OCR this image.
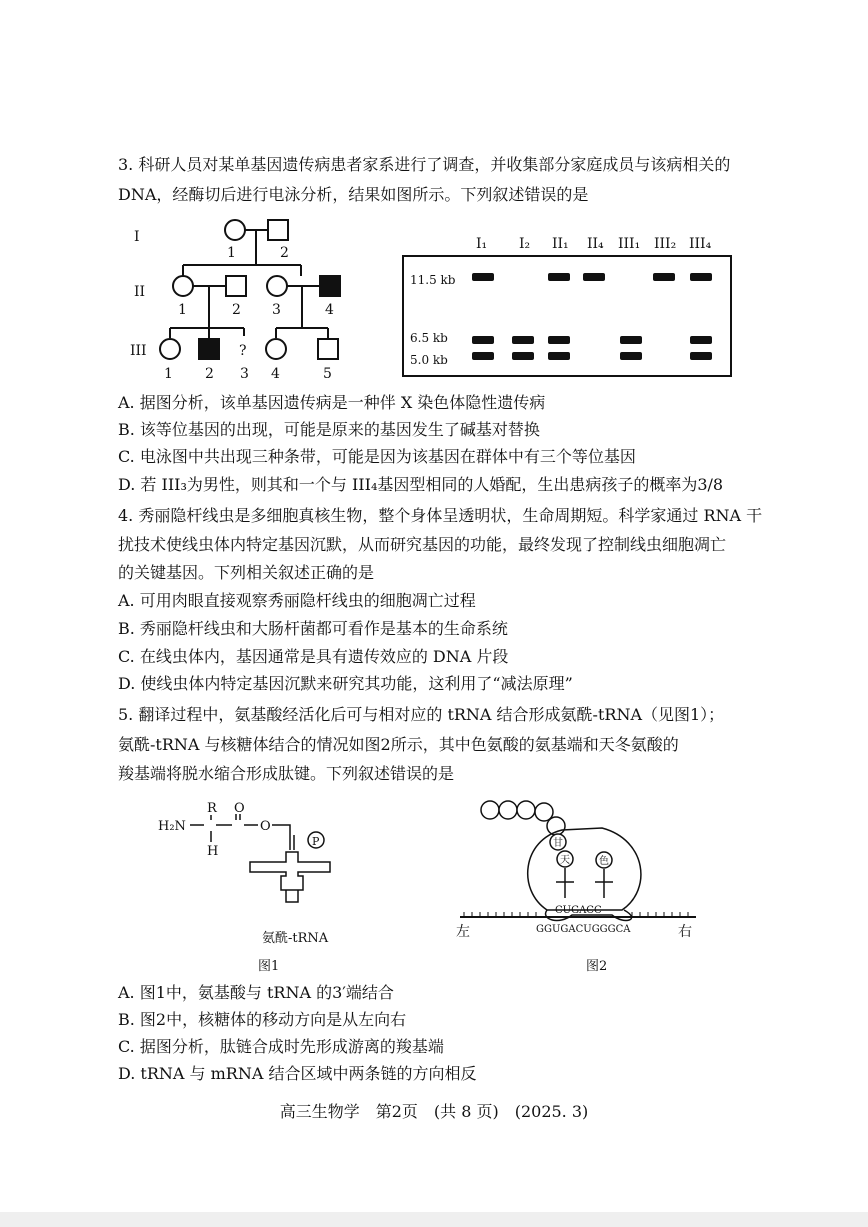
3. 科研人员对某单基因遗传病患者家系进行了调查，并收集部分家庭成员与该病相关的
DNA，经酶切后进行电泳分析，结果如图所示。下列叙述错误的是
I
II
III
1	2
1	2 3	4
1 2 3 4	5
?
I₁ I₂ II₁ II₄ III₁ III₂ III₄
11.5 kb
6.5 kb
5.0 kb
A. 据图分析，该单基因遗传病是一种伴 X 染色体隐性遗传病
B. 该等位基因的出现，可能是原来的基因发生了碱基对替换
C. 电泳图中共出现三种条带，可能是因为该基因在群体中有三个等位基因
D. 若 III₃为男性，则其和一个与 III₄基因型相同的人婚配，生出患病孩子的概率为3/8
4. 秀丽隐杆线虫是多细胞真核生物，整个身体呈透明状，生命周期短。科学家通过 RNA 干
扰技术使线虫体内特定基因沉默，从而研究基因的功能，最终发现了控制线虫细胞凋亡
的关键基因。下列相关叙述正确的是
A. 可用肉眼直接观察秀丽隐杆线虫的细胞凋亡过程
B. 秀丽隐杆线虫和大肠杆菌都可看作是基本的生命系统
C. 在线虫体内，基因通常是具有遗传效应的 DNA 片段
D. 使线虫体内特定基因沉默来研究其功能，这利用了“减法原理”
5. 翻译过程中，氨基酸经活化后可与相对应的 tRNA 结合形成氨酰-tRNA（见图1）；
氨酰-tRNA 与核糖体结合的情况如图2所示，其中色氨酸的氨基端和天冬氨酸的
羧基端将脱水缩合形成肽键。下列叙述错误的是
R O
H₂N
H
O
P
氨酰-tRNA
图1
甘
天	色
CUGACC
GGUGACUGGGCA
左	右
图2
A. 图1中，氨基酸与 tRNA 的3′端结合
B. 图2中，核糖体的移动方向是从左向右
C. 据图分析，肽链合成时先形成游离的羧基端
D. tRNA 与 mRNA 结合区域中两条链的方向相反
高三生物学　第2页　(共 8 页)　(2025. 3)
